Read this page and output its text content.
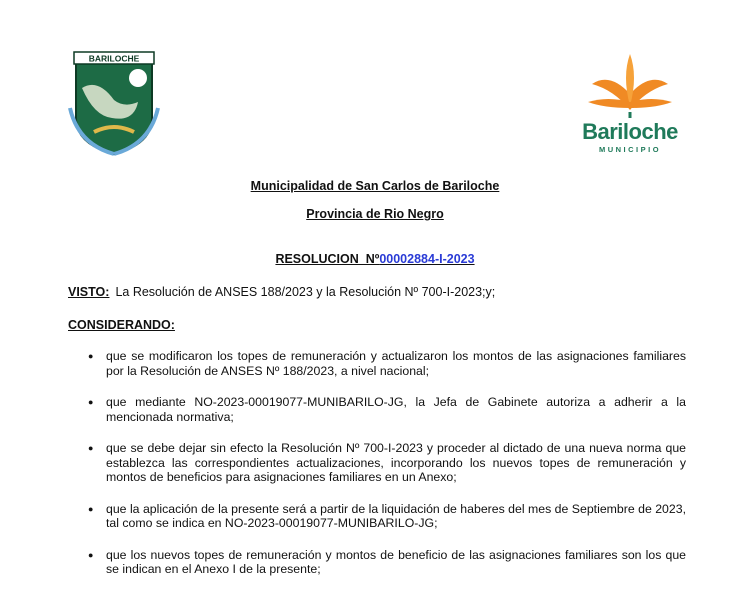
BARILOCHE
Bariloche
MUNICIPIO
Municipalidad de San Carlos de Bariloche
Provincia de Rio Negro
RESOLUCION  Nº00002884-I-2023
VISTO: La Resolución de ANSES 188/2023 y la Resolución Nº 700-I-2023;y;
CONSIDERANDO:
● que se modificaron los topes de remuneración y actualizaron los montos de las asignaciones familiares por la Resolución de ANSES Nº 188/2023, a nivel nacional;
● que mediante NO-2023-00019077-MUNIBARILO-JG, la Jefa de Gabinete autoriza a adherir a la mencionada normativa;
● que se debe dejar sin efecto la Resolución Nº 700-I-2023 y proceder al dictado de una nueva norma que establezca las correspondientes actualizaciones, incorporando los nuevos topes de remuneración y montos de beneficios para asignaciones familiares en un Anexo;
● que la aplicación de la presente será a partir de la liquidación de haberes del mes de Septiembre de 2023, tal como se indica en NO-2023-00019077-MUNIBARILO-JG;
● que los nuevos topes de remuneración y montos de beneficio de las asignaciones familiares son los que se indican en el Anexo I de la presente;
